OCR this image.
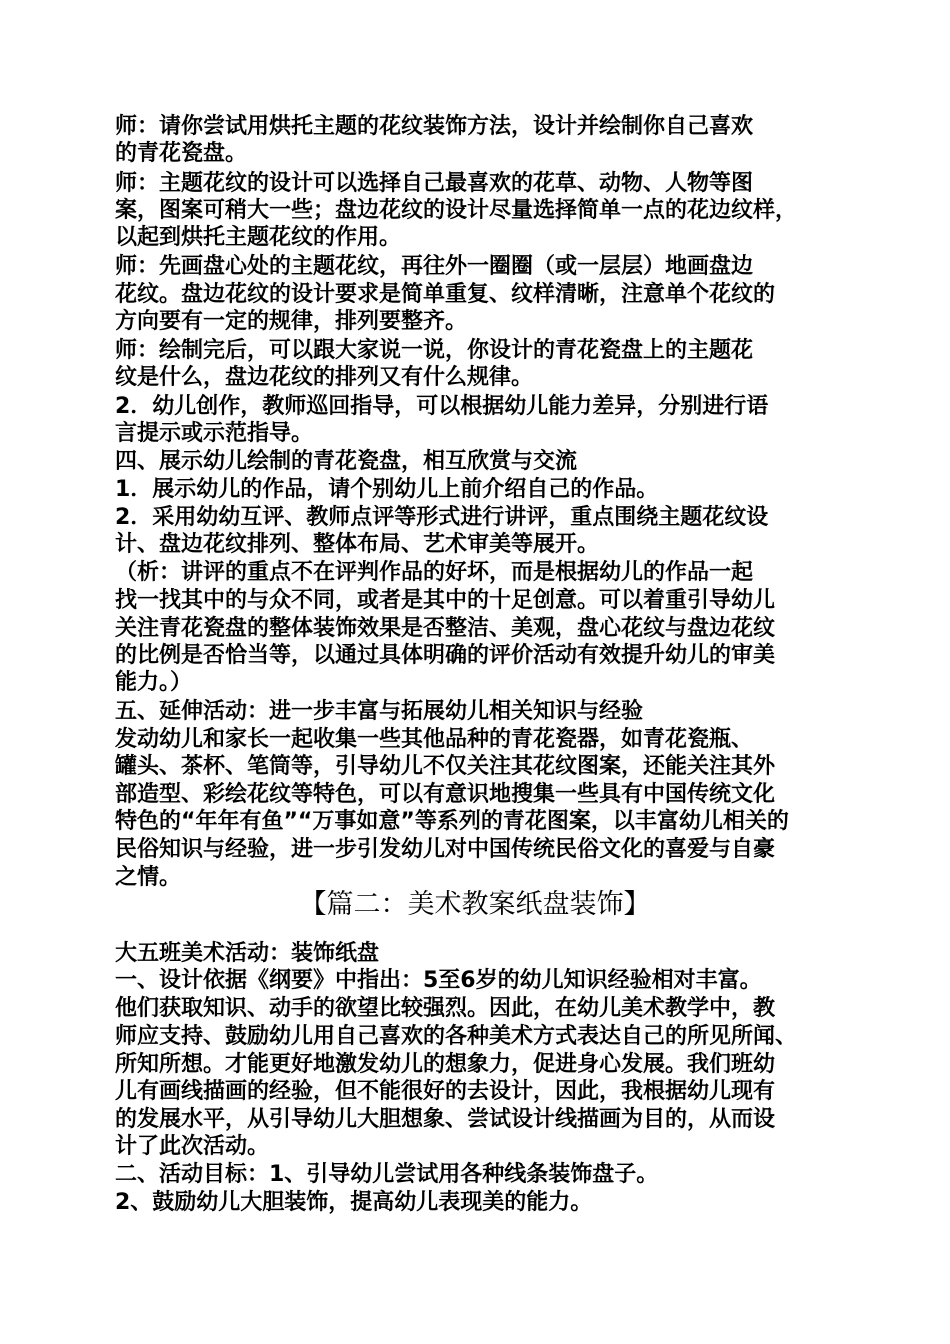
师：请你尝试用烘托主题的花纹装饰方法，设计并绘制你自己喜欢
的青花瓷盘。
师：主题花纹的设计可以选择自己最喜欢的花草、动物、人物等图
案，图案可稍大一些；盘边花纹的设计尽量选择简单一点的花边纹样，
以起到烘托主题花纹的作用。
师：先画盘心处的主题花纹，再往外一圈圈（或一层层）地画盘边
花纹。盘边花纹的设计要求是简单重复、纹样清晰，注意单个花纹的
方向要有一定的规律，排列要整齐。
师：绘制完后，可以跟大家说一说，你设计的青花瓷盘上的主题花
纹是什么，盘边花纹的排列又有什么规律。
2．幼儿创作，教师巡回指导，可以根据幼儿能力差异，分别进行语
言提示或示范指导。
四、展示幼儿绘制的青花瓷盘，相互欣赏与交流
1．展示幼儿的作品，请个别幼儿上前介绍自己的作品。
2．采用幼幼互评、教师点评等形式进行讲评，重点围绕主题花纹设
计、盘边花纹排列、整体布局、艺术审美等展开。
（析：讲评的重点不在评判作品的好坏，而是根据幼儿的作品一起
找一找其中的与众不同，或者是其中的十足创意。可以着重引导幼儿
关注青花瓷盘的整体装饰效果是否整洁、美观，盘心花纹与盘边花纹
的比例是否恰当等，以通过具体明确的评价活动有效提升幼儿的审美
能力。）
五、延伸活动：进一步丰富与拓展幼儿相关知识与经验
发动幼儿和家长一起收集一些其他品种的青花瓷器，如青花瓷瓶、
罐头、茶杯、笔筒等，引导幼儿不仅关注其花纹图案，还能关注其外
部造型、彩绘花纹等特色，可以有意识地搜集一些具有中国传统文化
特色的“年年有鱼”“万事如意”等系列的青花图案，以丰富幼儿相关的
民俗知识与经验，进一步引发幼儿对中国传统民俗文化的喜爱与自豪
之情。
【篇二：美术教案纸盘装饰】
大五班美术活动：装饰纸盘
一、设计依据《纲要》中指出：5至6岁的幼儿知识经验相对丰富。
他们获取知识、动手的欲望比较强烈。因此，在幼儿美术教学中，教
师应支持、鼓励幼儿用自己喜欢的各种美术方式表达自己的所见所闻、
所知所想。才能更好地激发幼儿的想象力，促进身心发展。我们班幼
儿有画线描画的经验，但不能很好的去设计，因此，我根据幼儿现有
的发展水平，从引导幼儿大胆想象、尝试设计线描画为目的，从而设
计了此次活动。
二、活动目标：1、引导幼儿尝试用各种线条装饰盘子。
2、鼓励幼儿大胆装饰，提高幼儿表现美的能力。
